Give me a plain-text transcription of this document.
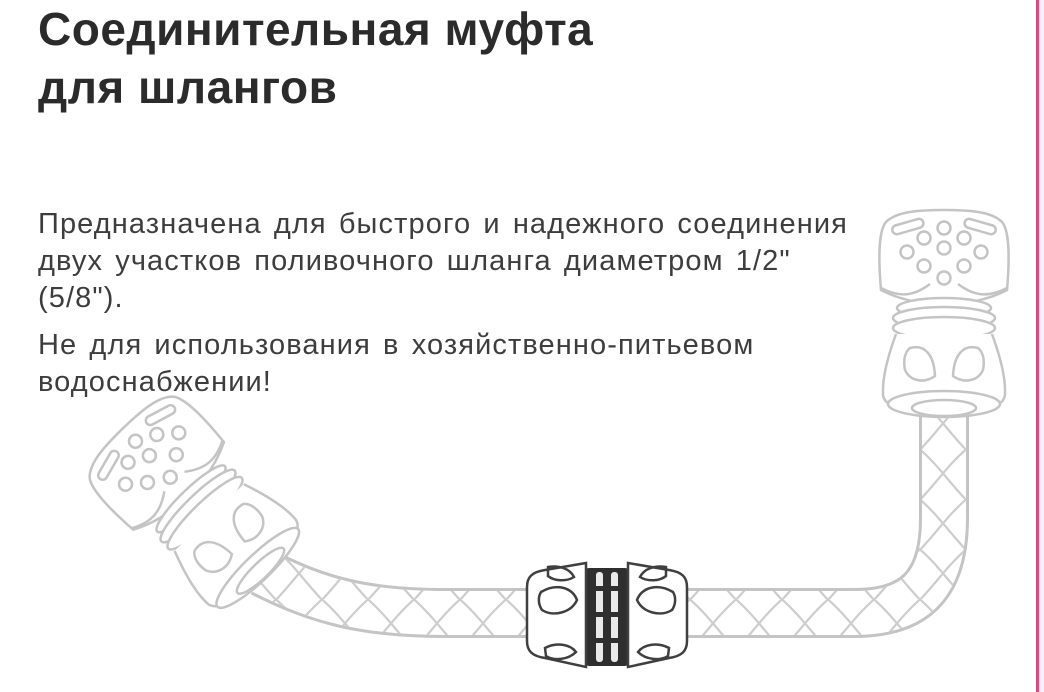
Соединительная муфта
для шлангов
Предназначена для быстрого и надежного соединения
двух участков поливочного шланга диаметром 1/2"
(5/8").
Не для использования в хозяйственно-питьевом
водоснабжении!
